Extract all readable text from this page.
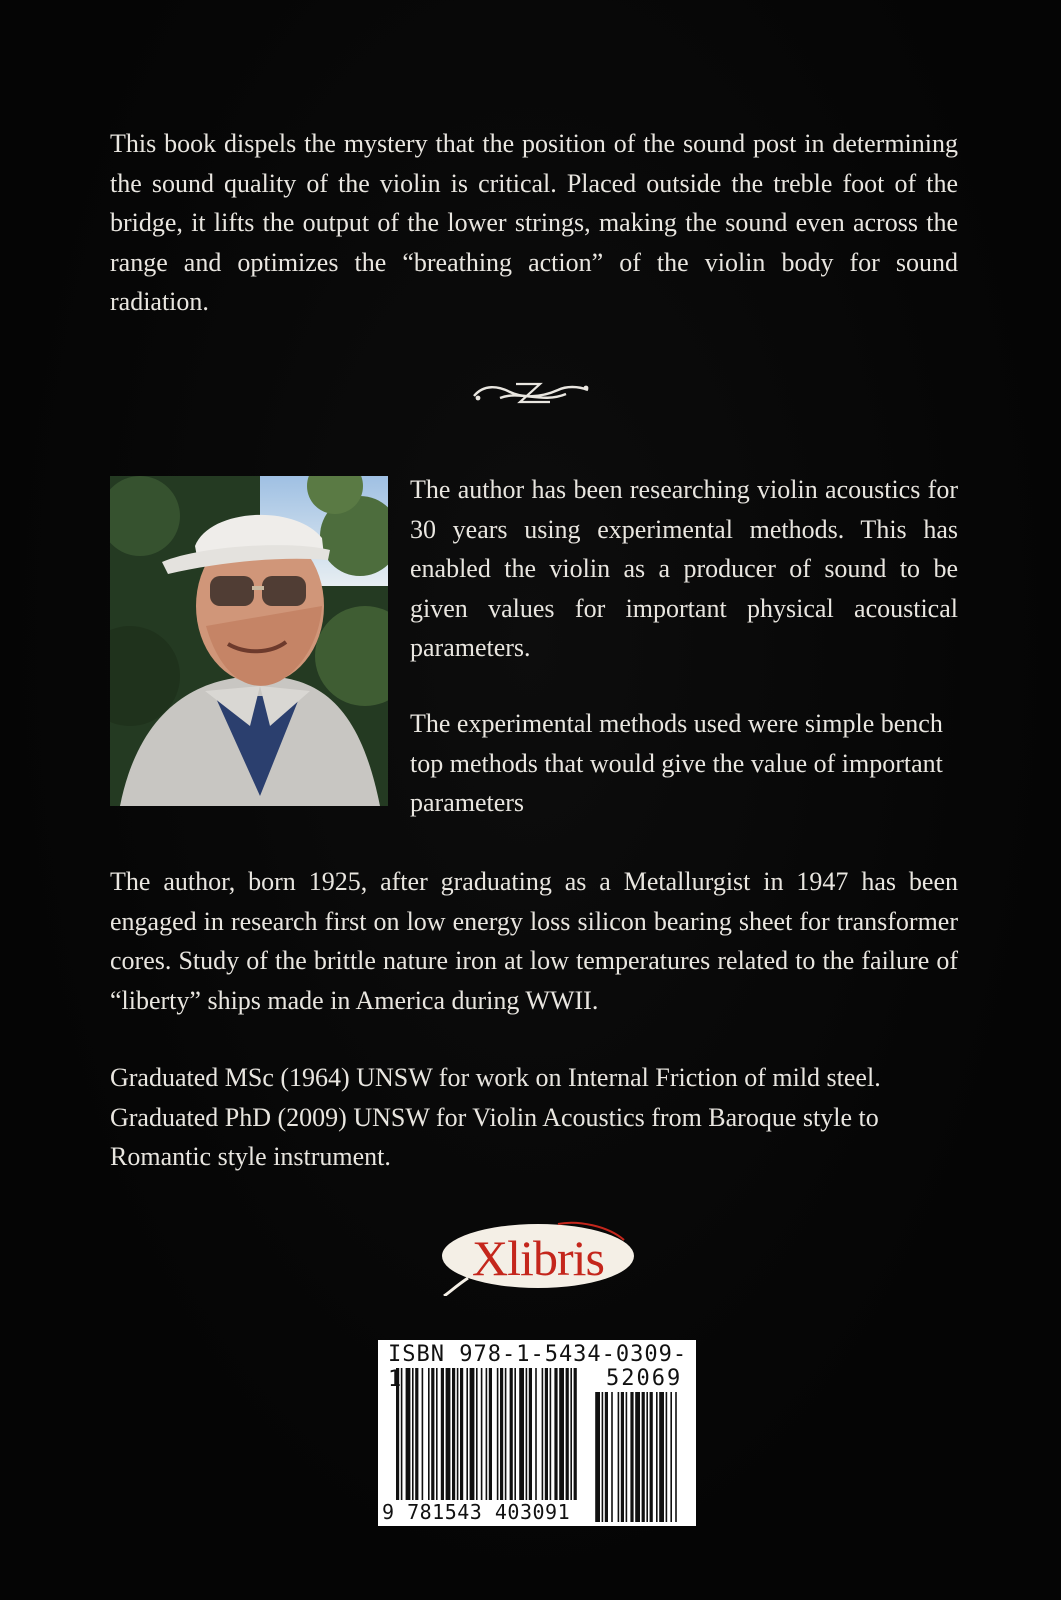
This book dispels the mystery that the position of the sound post in determining the sound quality of the violin is critical. Placed outside the treble foot of the bridge, it lifts the output of the lower strings, making the sound even across the range and optimizes the “breathing action” of the violin body for sound radiation.

The author has been researching violin acoustics for 30 years using experimental methods. This has enabled the violin as a producer of sound to be given values for important physical acoustical parameters.

The experimental methods used were simple bench top methods that would give the value of important parameters

The author, born 1925, after graduating as a Metallurgist in 1947 has been engaged in research first on low energy loss silicon bearing sheet for transformer cores. Study of the brittle nature iron at low temperatures related to the failure of “liberty” ships made in America during WWII.

Graduated MSc (1964) UNSW for work on Internal Friction of mild steel.
Graduated PhD (2009) UNSW for Violin Acoustics from Baroque style to Romantic style instrument.
Xlibris
ISBN 978-1-5434-0309-1	52069
9 781543 403091
